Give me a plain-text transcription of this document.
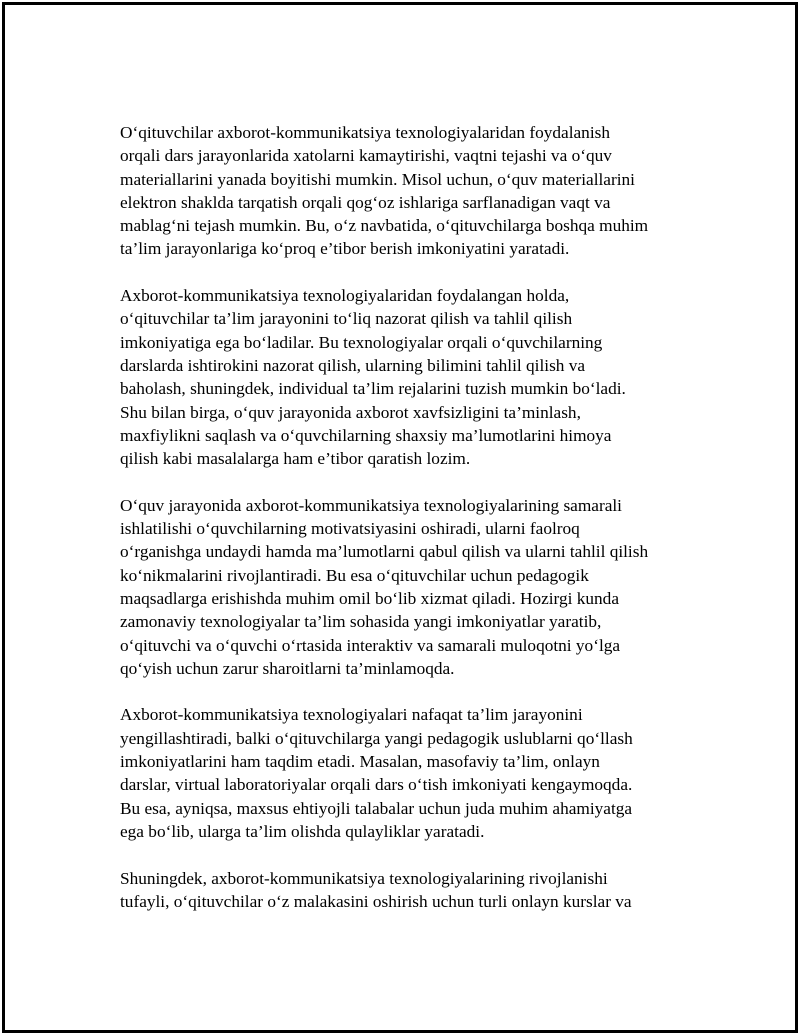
O‘qituvchilar axborot-kommunikatsiya texnologiyalaridan foydalanish
orqali dars jarayonlarida xatolarni kamaytirishi, vaqtni tejashi va o‘quv
materiallarini yanada boyitishi mumkin. Misol uchun, o‘quv materiallarini
elektron shaklda tarqatish orqali qog‘oz ishlariga sarflanadigan vaqt va
mablag‘ni tejash mumkin. Bu, o‘z navbatida, o‘qituvchilarga boshqa muhim
ta’lim jarayonlariga ko‘proq e’tibor berish imkoniyatini yaratadi.

Axborot-kommunikatsiya texnologiyalaridan foydalangan holda,
o‘qituvchilar ta’lim jarayonini to‘liq nazorat qilish va tahlil qilish
imkoniyatiga ega bo‘ladilar. Bu texnologiyalar orqali o‘quvchilarning
darslarda ishtirokini nazorat qilish, ularning bilimini tahlil qilish va
baholash, shuningdek, individual ta’lim rejalarini tuzish mumkin bo‘ladi.
Shu bilan birga, o‘quv jarayonida axborot xavfsizligini ta’minlash,
maxfiylikni saqlash va o‘quvchilarning shaxsiy ma’lumotlarini himoya
qilish kabi masalalarga ham e’tibor qaratish lozim.

O‘quv jarayonida axborot-kommunikatsiya texnologiyalarining samarali
ishlatilishi o‘quvchilarning motivatsiyasini oshiradi, ularni faolroq
o‘rganishga undaydi hamda ma’lumotlarni qabul qilish va ularni tahlil qilish
ko‘nikmalarini rivojlantiradi. Bu esa o‘qituvchilar uchun pedagogik
maqsadlarga erishishda muhim omil bo‘lib xizmat qiladi. Hozirgi kunda
zamonaviy texnologiyalar ta’lim sohasida yangi imkoniyatlar yaratib,
o‘qituvchi va o‘quvchi o‘rtasida interaktiv va samarali muloqotni yo‘lga
qo‘yish uchun zarur sharoitlarni ta’minlamoqda.

Axborot-kommunikatsiya texnologiyalari nafaqat ta’lim jarayonini
yengillashtiradi, balki o‘qituvchilarga yangi pedagogik uslublarni qo‘llash
imkoniyatlarini ham taqdim etadi. Masalan, masofaviy ta’lim, onlayn
darslar, virtual laboratoriyalar orqali dars o‘tish imkoniyati kengaymoqda.
Bu esa, ayniqsa, maxsus ehtiyojli talabalar uchun juda muhim ahamiyatga
ega bo‘lib, ularga ta’lim olishda qulayliklar yaratadi.

Shuningdek, axborot-kommunikatsiya texnologiyalarining rivojlanishi
tufayli, o‘qituvchilar o‘z malakasini oshirish uchun turli onlayn kurslar va
